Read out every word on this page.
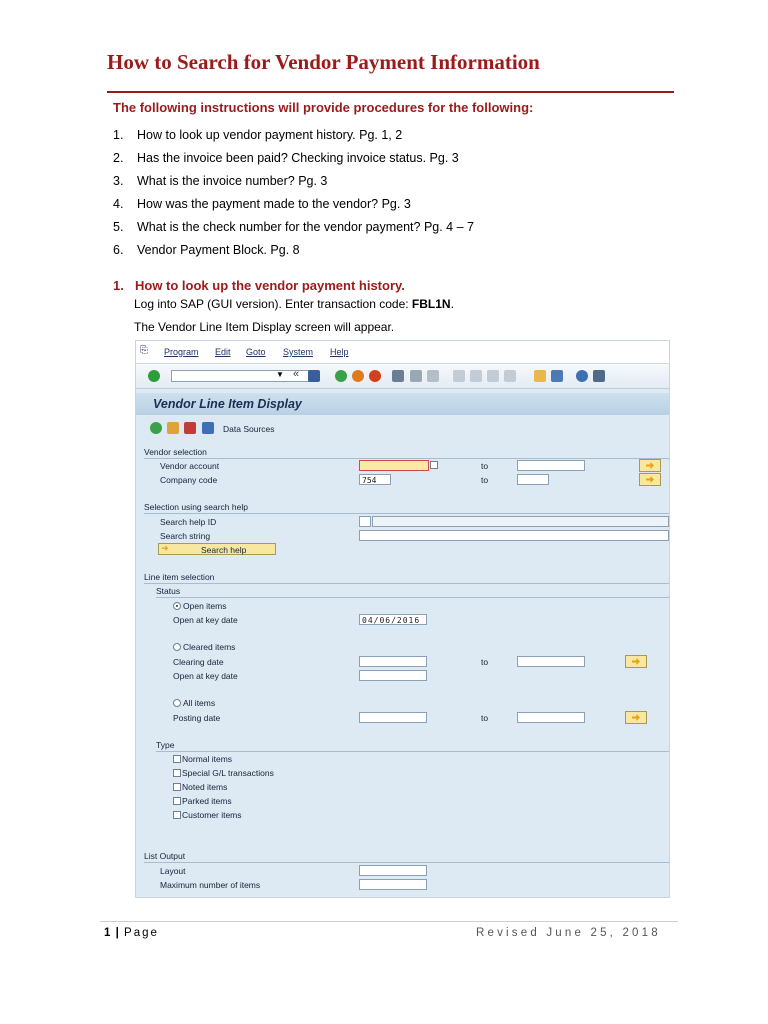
How to Search for Vendor Payment Information
The following instructions will provide procedures for the following:
1. How to look up vendor payment history. Pg. 1, 2
2. Has the invoice been paid? Checking invoice status. Pg. 3
3. What is the invoice number? Pg. 3
4. How was the payment made to the vendor? Pg. 3
5. What is the check number for the vendor payment? Pg. 4 – 7
6. Vendor Payment Block. Pg. 8
1. How to look up the vendor payment history.
Log into SAP (GUI version). Enter transaction code: FBL1N.
The Vendor Line Item Display screen will appear.
⎘ Program Edit Goto System Help
▼ «
Vendor Line Item Display
Data Sources
Vendor selection
Vendor account	to
Company code	754	to
Selection using search help
Search help ID
Search string
➜	Search help
Line item selection
Status
Open items
Open at key date	04/06/2016
Cleared items
Clearing date	to
Open at key date
All items
Posting date	to
Type
Normal items
Special G/L transactions
Noted items
Parked items
Customer items
List Output
Layout
Maximum number of items
1 | Page	Revised June 25, 2018
